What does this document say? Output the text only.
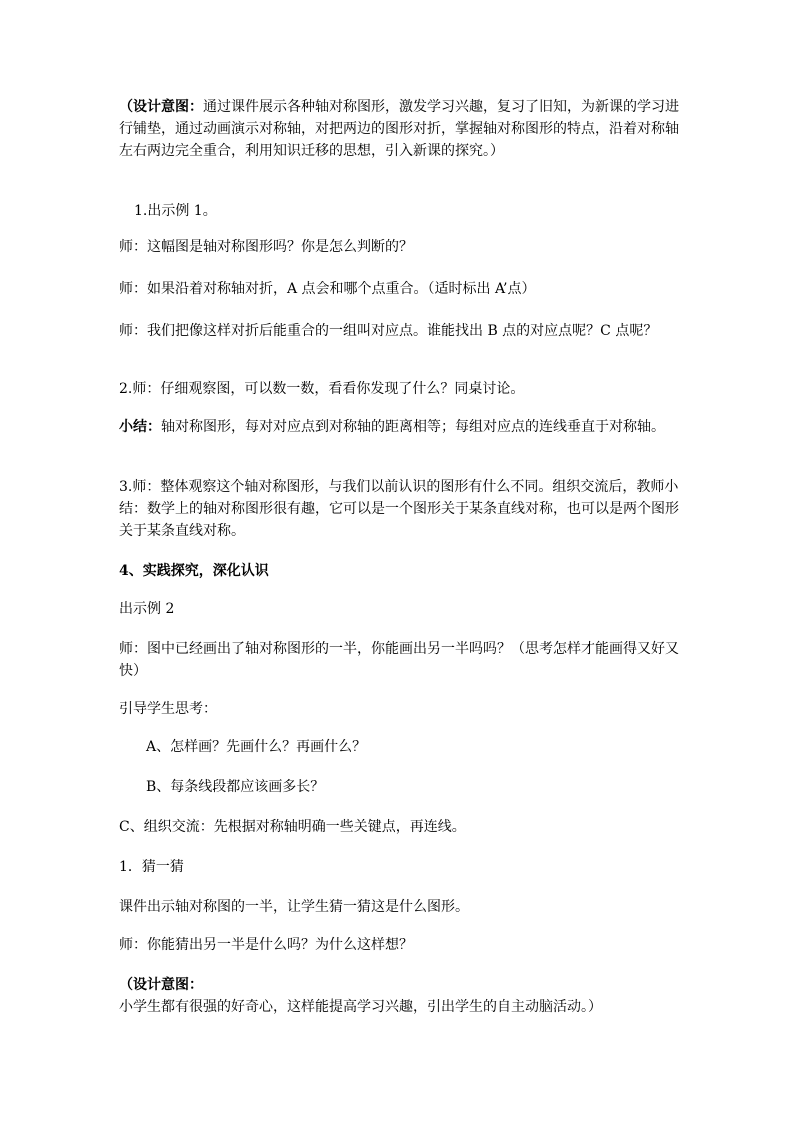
（设计意图：通过课件展示各种轴对称图形，激发学习兴趣，复习了旧知，为新课的学习进行铺垫，通过动画演示对称轴，对把两边的图形对折，掌握轴对称图形的特点，沿着对称轴左右两边完全重合，利用知识迁移的思想，引入新课的探究。）

1.出示例 1。

师：这幅图是轴对称图形吗？你是怎么判断的？

师：如果沿着对称轴对折，A 点会和哪个点重合。（适时标出 A’点）

师：我们把像这样对折后能重合的一组叫对应点。谁能找出 B 点的对应点呢？C 点呢？

2.师：仔细观察图，可以数一数，看看你发现了什么？同桌讨论。

小结：轴对称图形，每对对应点到对称轴的距离相等；每组对应点的连线垂直于对称轴。

3.师：整体观察这个轴对称图形，与我们以前认识的图形有什么不同。组织交流后，教师小结：数学上的轴对称图形很有趣，它可以是一个图形关于某条直线对称，也可以是两个图形关于某条直线对称。

4、实践探究，深化认识

出示例 2

师：图中已经画出了轴对称图形的一半，你能画出另一半吗吗？（思考怎样才能画得又好又快）

引导学生思考：

A、怎样画？先画什么？再画什么？

B、每条线段都应该画多长？

C、组织交流：先根据对称轴明确一些关键点，再连线。

1．猜一猜

课件出示轴对称图的一半，让学生猜一猜这是什么图形。

师：你能猜出另一半是什么吗？为什么这样想？

（设计意图：小学生都有很强的好奇心，这样能提高学习兴趣，引出学生的自主动脑活动。）
